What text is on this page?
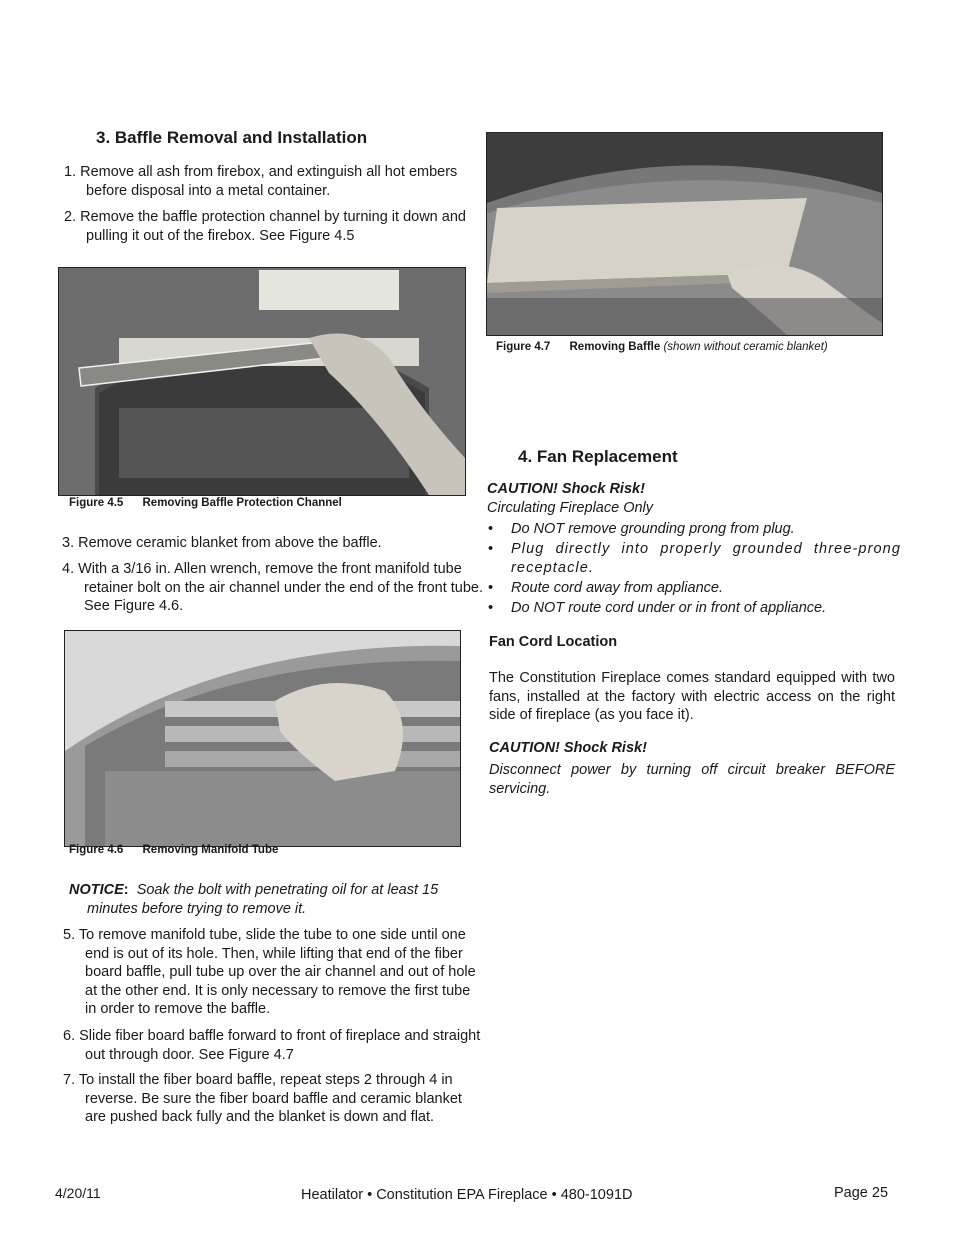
3. Baffle Removal and Installation
1. Remove all ash from firebox, and extinguish all hot embers before disposal into a metal container.
2. Remove the baffle protection channel by turning it down and pulling it out of the firebox. See Figure 4.5
Figure 4.5 Removing Baffle Protection Channel
3. Remove ceramic blanket from above the baffle.
4. With a 3/16 in. Allen wrench, remove the front manifold tube retainer bolt on the air channel under the end of the front tube. See Figure 4.6.
Figure 4.6 Removing Manifold Tube
NOTICE: Soak the bolt with penetrating oil for at least 15 minutes before trying to remove it.
5. To remove manifold tube, slide the tube to one side until one end is out of its hole. Then, while lifting that end of the fiber board baffle, pull tube up over the air channel and out of hole at the other end. It is only necessary to remove the first tube in order to remove the baffle.
6. Slide fiber board baffle forward to front of fireplace and straight out through door. See Figure 4.7
7. To install the fiber board baffle, repeat steps 2 through 4 in reverse. Be sure the fiber board baffle and ceramic blanket are pushed back fully and the blanket is down and flat.
Figure 4.7 Removing Baffle (shown without ceramic blanket)
4. Fan Replacement
CAUTION! Shock Risk!
Circulating Fireplace Only
•	Do NOT remove grounding prong from plug.
•	Plug directly into properly grounded three-prong receptacle.
•	Route cord away from appliance.
•	Do NOT route cord under or in front of appliance.
Fan Cord Location
The Constitution Fireplace comes standard equipped with two fans, installed at the factory with electric access on the right side of fireplace (as you face it).
CAUTION! Shock Risk!
Disconnect power by turning off circuit breaker BEFORE servicing.
4/20/11	Heatilator • Constitution EPA Fireplace • 480-1091D	Page 25
